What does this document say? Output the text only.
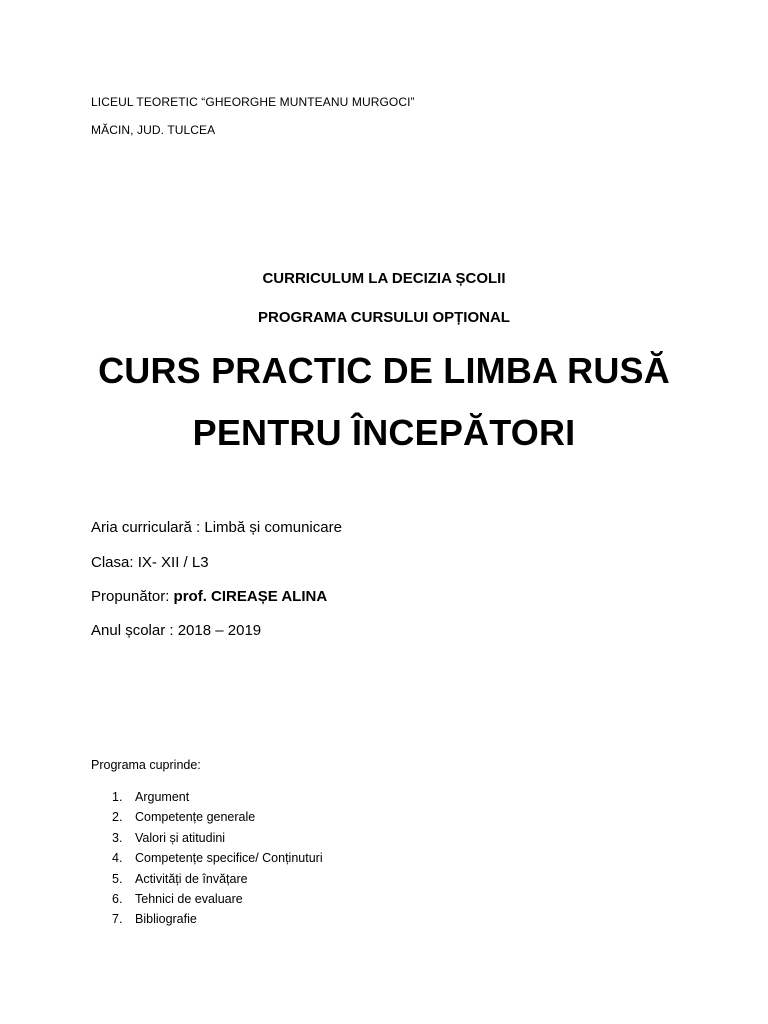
LICEUL TEORETIC “GHEORGHE MUNTEANU MURGOCI”
MĂCIN, JUD. TULCEA
CURRICULUM LA DECIZIA ȘCOLII
PROGRAMA CURSULUI OPȚIONAL
CURS PRACTIC DE LIMBA RUSĂ
PENTRU ÎNCEPĂTORI
Aria curriculară : Limbă și comunicare
Clasa: IX- XII / L3
Propunător: prof. CIREAȘE ALINA
Anul școlar : 2018 – 2019
Programa cuprinde:
1. Argument
2. Competențe generale
3. Valori și atitudini
4. Competențe specifice/ Conținuturi
5. Activități de învățare
6. Tehnici de evaluare
7. Bibliografie
